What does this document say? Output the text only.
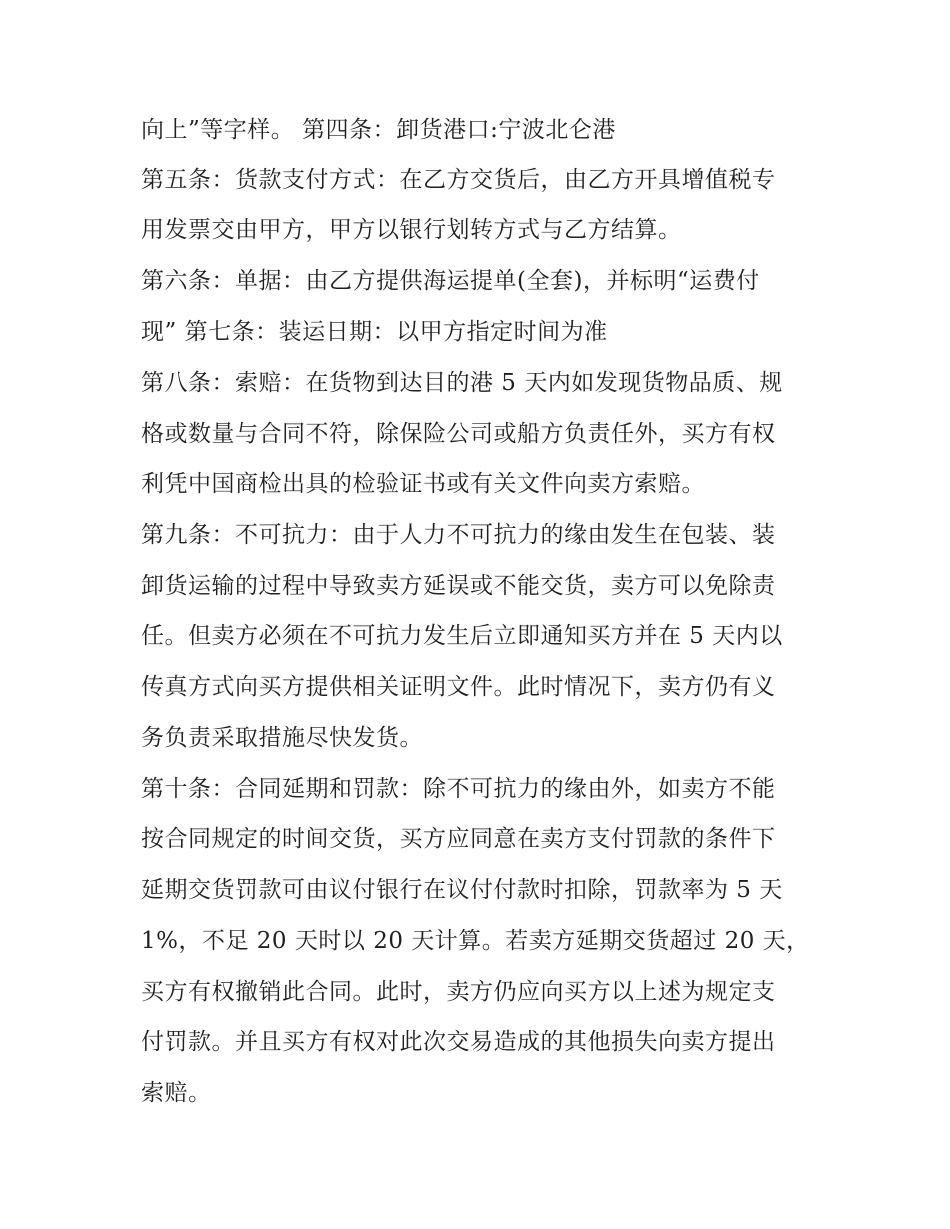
向上”等字样。 第四条：卸货港口:宁波北仑港
第五条：货款支付方式：在乙方交货后，由乙方开具增值税专
用发票交由甲方，甲方以银行划转方式与乙方结算。
第六条：单据：由乙方提供海运提单(全套)，并标明“运费付
现” 第七条：装运日期：以甲方指定时间为准
第八条：索赔：在货物到达目的港 5 天内如发现货物品质、规
格或数量与合同不符，除保险公司或船方负责任外，买方有权
利凭中国商检出具的检验证书或有关文件向卖方索赔。
第九条：不可抗力：由于人力不可抗力的缘由发生在包装、装
卸货运输的过程中导致卖方延误或不能交货，卖方可以免除责
任。但卖方必须在不可抗力发生后立即通知买方并在 5 天内以
传真方式向买方提供相关证明文件。此时情况下，卖方仍有义
务负责采取措施尽快发货。
第十条：合同延期和罚款：除不可抗力的缘由外，如卖方不能
按合同规定的时间交货，买方应同意在卖方支付罚款的条件下
延期交货罚款可由议付银行在议付付款时扣除，罚款率为 5 天
1%，不足 20 天时以 20 天计算。若卖方延期交货超过 20 天，
买方有权撤销此合同。此时，卖方仍应向买方以上述为规定支
付罚款。并且买方有权对此次交易造成的其他损失向卖方提出
索赔。
